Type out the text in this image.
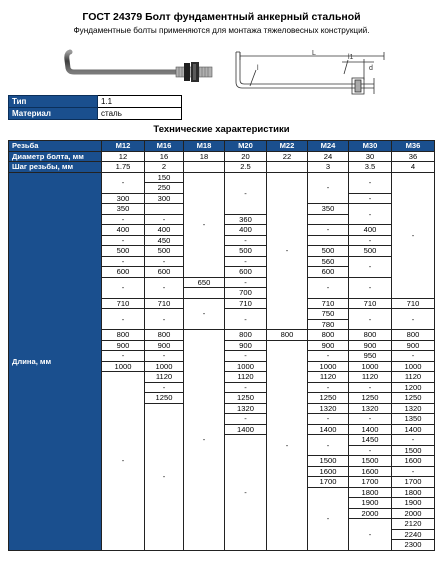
ГОСТ 24379 Болт фундаментный анкерный стальной
Фундаментные болты применяются для монтажа тяжеловесных конструкций.
L
l
l1
d
Тип	1.1
Материал	сталь
Технические характеристики
Резьба	M12	M16	M18	M20	M22	M24	M30	M36
Диаметр болта, мм	12	16	18	20	22	24	30	36
Шаг резьбы, мм	1.75	2		2.5		3	3.5	4
Длина, мм	-	150	-	-	-	-	-	-
		250						
	300	300					-	
	350					350	-	
	-	-		360				
	400	400		400		-	400	
	-	450		-			-	
	500	500		500		500	500	
	-	-		-		560	-	
	600	600		600		600		
	-	-	650	-		-	-	
				700				
	710	710	-	710		710	710	710
	-	-		-		750	-	-
						780		
	800	800	-	800	800	800	800	800
	900	900		900	-	900	900	900
	-	-		-		-	950	-
	1000	1000		1000		1000	1000	1000
	-	1120		1120		1120	1120	1120
		-		-		-	-	1200
		1250		1250		1250	1250	1250
		-		1320		1320	1320	1320
				-		-	-	1350
				1400		1400	1400	1400
				-		-	1450	-
							-	1500
						1500	1500	1600
						1600	1600	-
						1700	1700	1700
						-	1800	1800
							1900	1900
							2000	2000
							-	2120
								2240
								2300
